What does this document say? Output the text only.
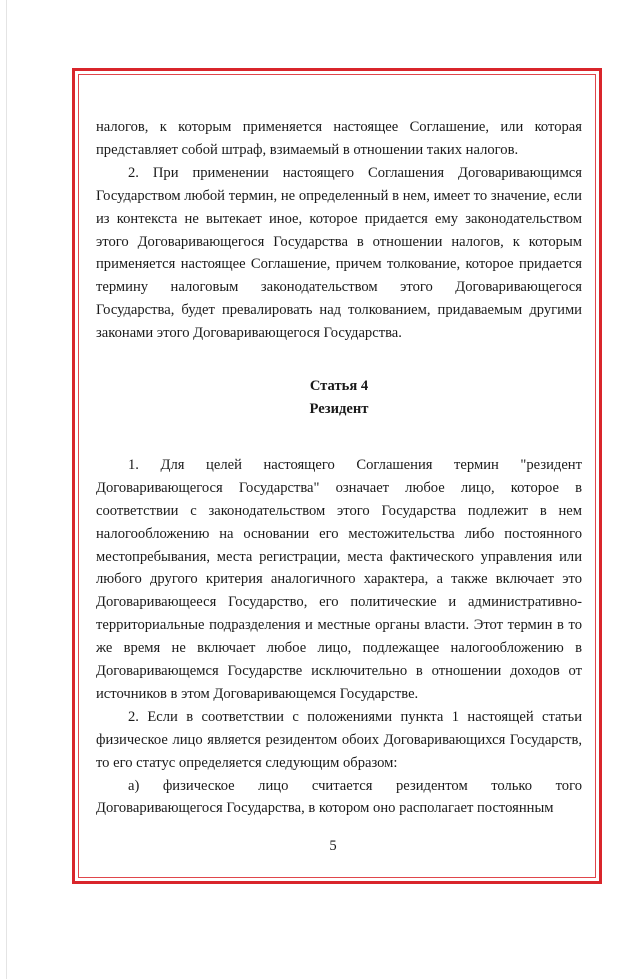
налогов, к которым применяется настоящее Соглашение, или которая представляет собой штраф, взимаемый в отношении таких налогов.

2. При применении настоящего Соглашения Договаривающимся Государством любой термин, не определенный в нем, имеет то значение, если из контекста не вытекает иное, которое придается ему законодательством этого Договаривающегося Государства в отношении налогов, к которым применяется настоящее Соглашение, причем толкование, которое придается термину налоговым законодательством этого Договаривающегося Государства, будет превалировать над толкованием, придаваемым другими законами этого Договаривающегося Государства.

Статья 4
Резидент

1. Для целей настоящего Соглашения термин "резидент Договаривающегося Государства" означает любое лицо, которое в соответствии с законодательством этого Государства подлежит в нем налогообложению на основании его местожительства либо постоянного местопребывания, места регистрации, места фактического управления или любого другого критерия аналогичного характера, а также включает это Договаривающееся Государство, его политические и административно-территориальные подразделения и местные органы власти. Этот термин в то же время не включает любое лицо, подлежащее налогообложению в Договаривающемся Государстве исключительно в отношении доходов от источников в этом Договаривающемся Государстве.

2. Если в соответствии с положениями пункта 1 настоящей статьи физическое лицо является резидентом обоих Договаривающихся Государств, то его статус определяется следующим образом:

а) физическое лицо считается резидентом только того Договаривающегося Государства, в котором оно располагает постоянным

5
